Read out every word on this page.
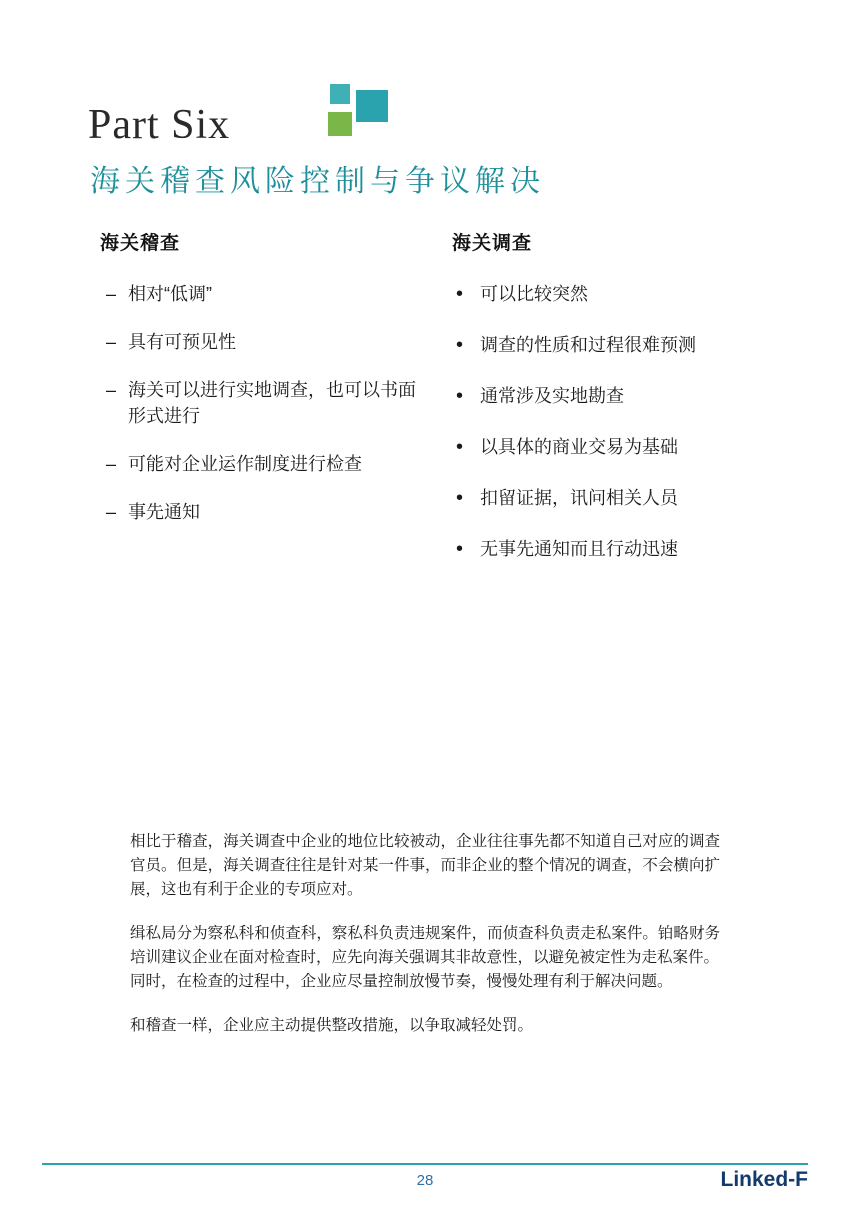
Part Six
海关稽查风险控制与争议解决
海关稽查
– 相对“低调”
– 具有可预见性
– 海关可以进行实地调查，也可以书面形式进行
– 可能对企业运作制度进行检查
– 事先通知
海关调查
• 可以比较突然
• 调查的性质和过程很难预测
• 通常涉及实地勘查
• 以具体的商业交易为基础
• 扣留证据，讯问相关人员
• 无事先通知而且行动迅速

相比于稽查，海关调查中企业的地位比较被动，企业往往事先都不知道自己对应的调查官员。但是，海关调查往往是针对某一件事，而非企业的整个情况的调查，不会横向扩展，这也有利于企业的专项应对。

缉私局分为察私科和侦查科，察私科负责违规案件，而侦查科负责走私案件。铂略财务培训建议企业在面对检查时，应先向海关强调其非故意性，以避免被定性为走私案件。

同时，在检查的过程中，企业应尽量控制放慢节奏，慢慢处理有利于解决问题。

和稽查一样，企业应主动提供整改措施，以争取减轻处罚。

28	Linked-F
